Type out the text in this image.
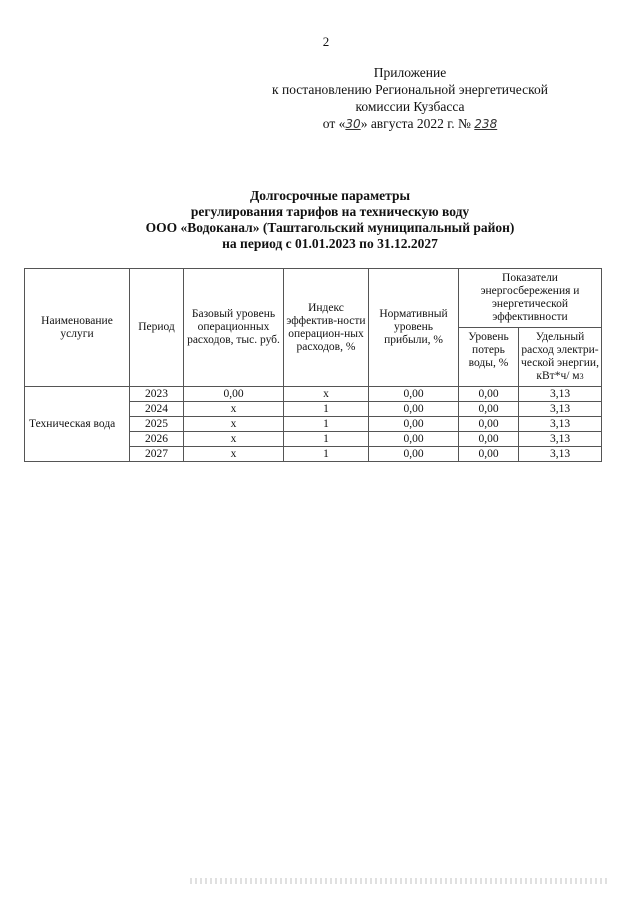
2
Приложение
к постановлению Региональной энергетической
комиссии Кузбасса
от «30» августа 2022 г. № 238
Долгосрочные параметры
регулирования тарифов на техническую воду
ООО «Водоканал» (Таштагольский муниципальный район)
на период с 01.01.2023 по 31.12.2027
Наименование услуги	Период	Базовый уровень операционных расходов, тыс. руб.	Индекс эффектив-ности операцион-ных расходов, %	Нормативный уровень прибыли, %	Показатели энергосбережения и энергетической эффективности	
					Уровень потерь воды, %	Удельный расход электри-ческой энергии, кВт*ч/ $м^3$
Техническая вода	2023	0,00	x	0,00	0,00	3,13
	2024	x	1	0,00	0,00	3,13
	2025	x	1	0,00	0,00	3,13
	2026	x	1	0,00	0,00	3,13
	2027	x	1	0,00	0,00	3,13
